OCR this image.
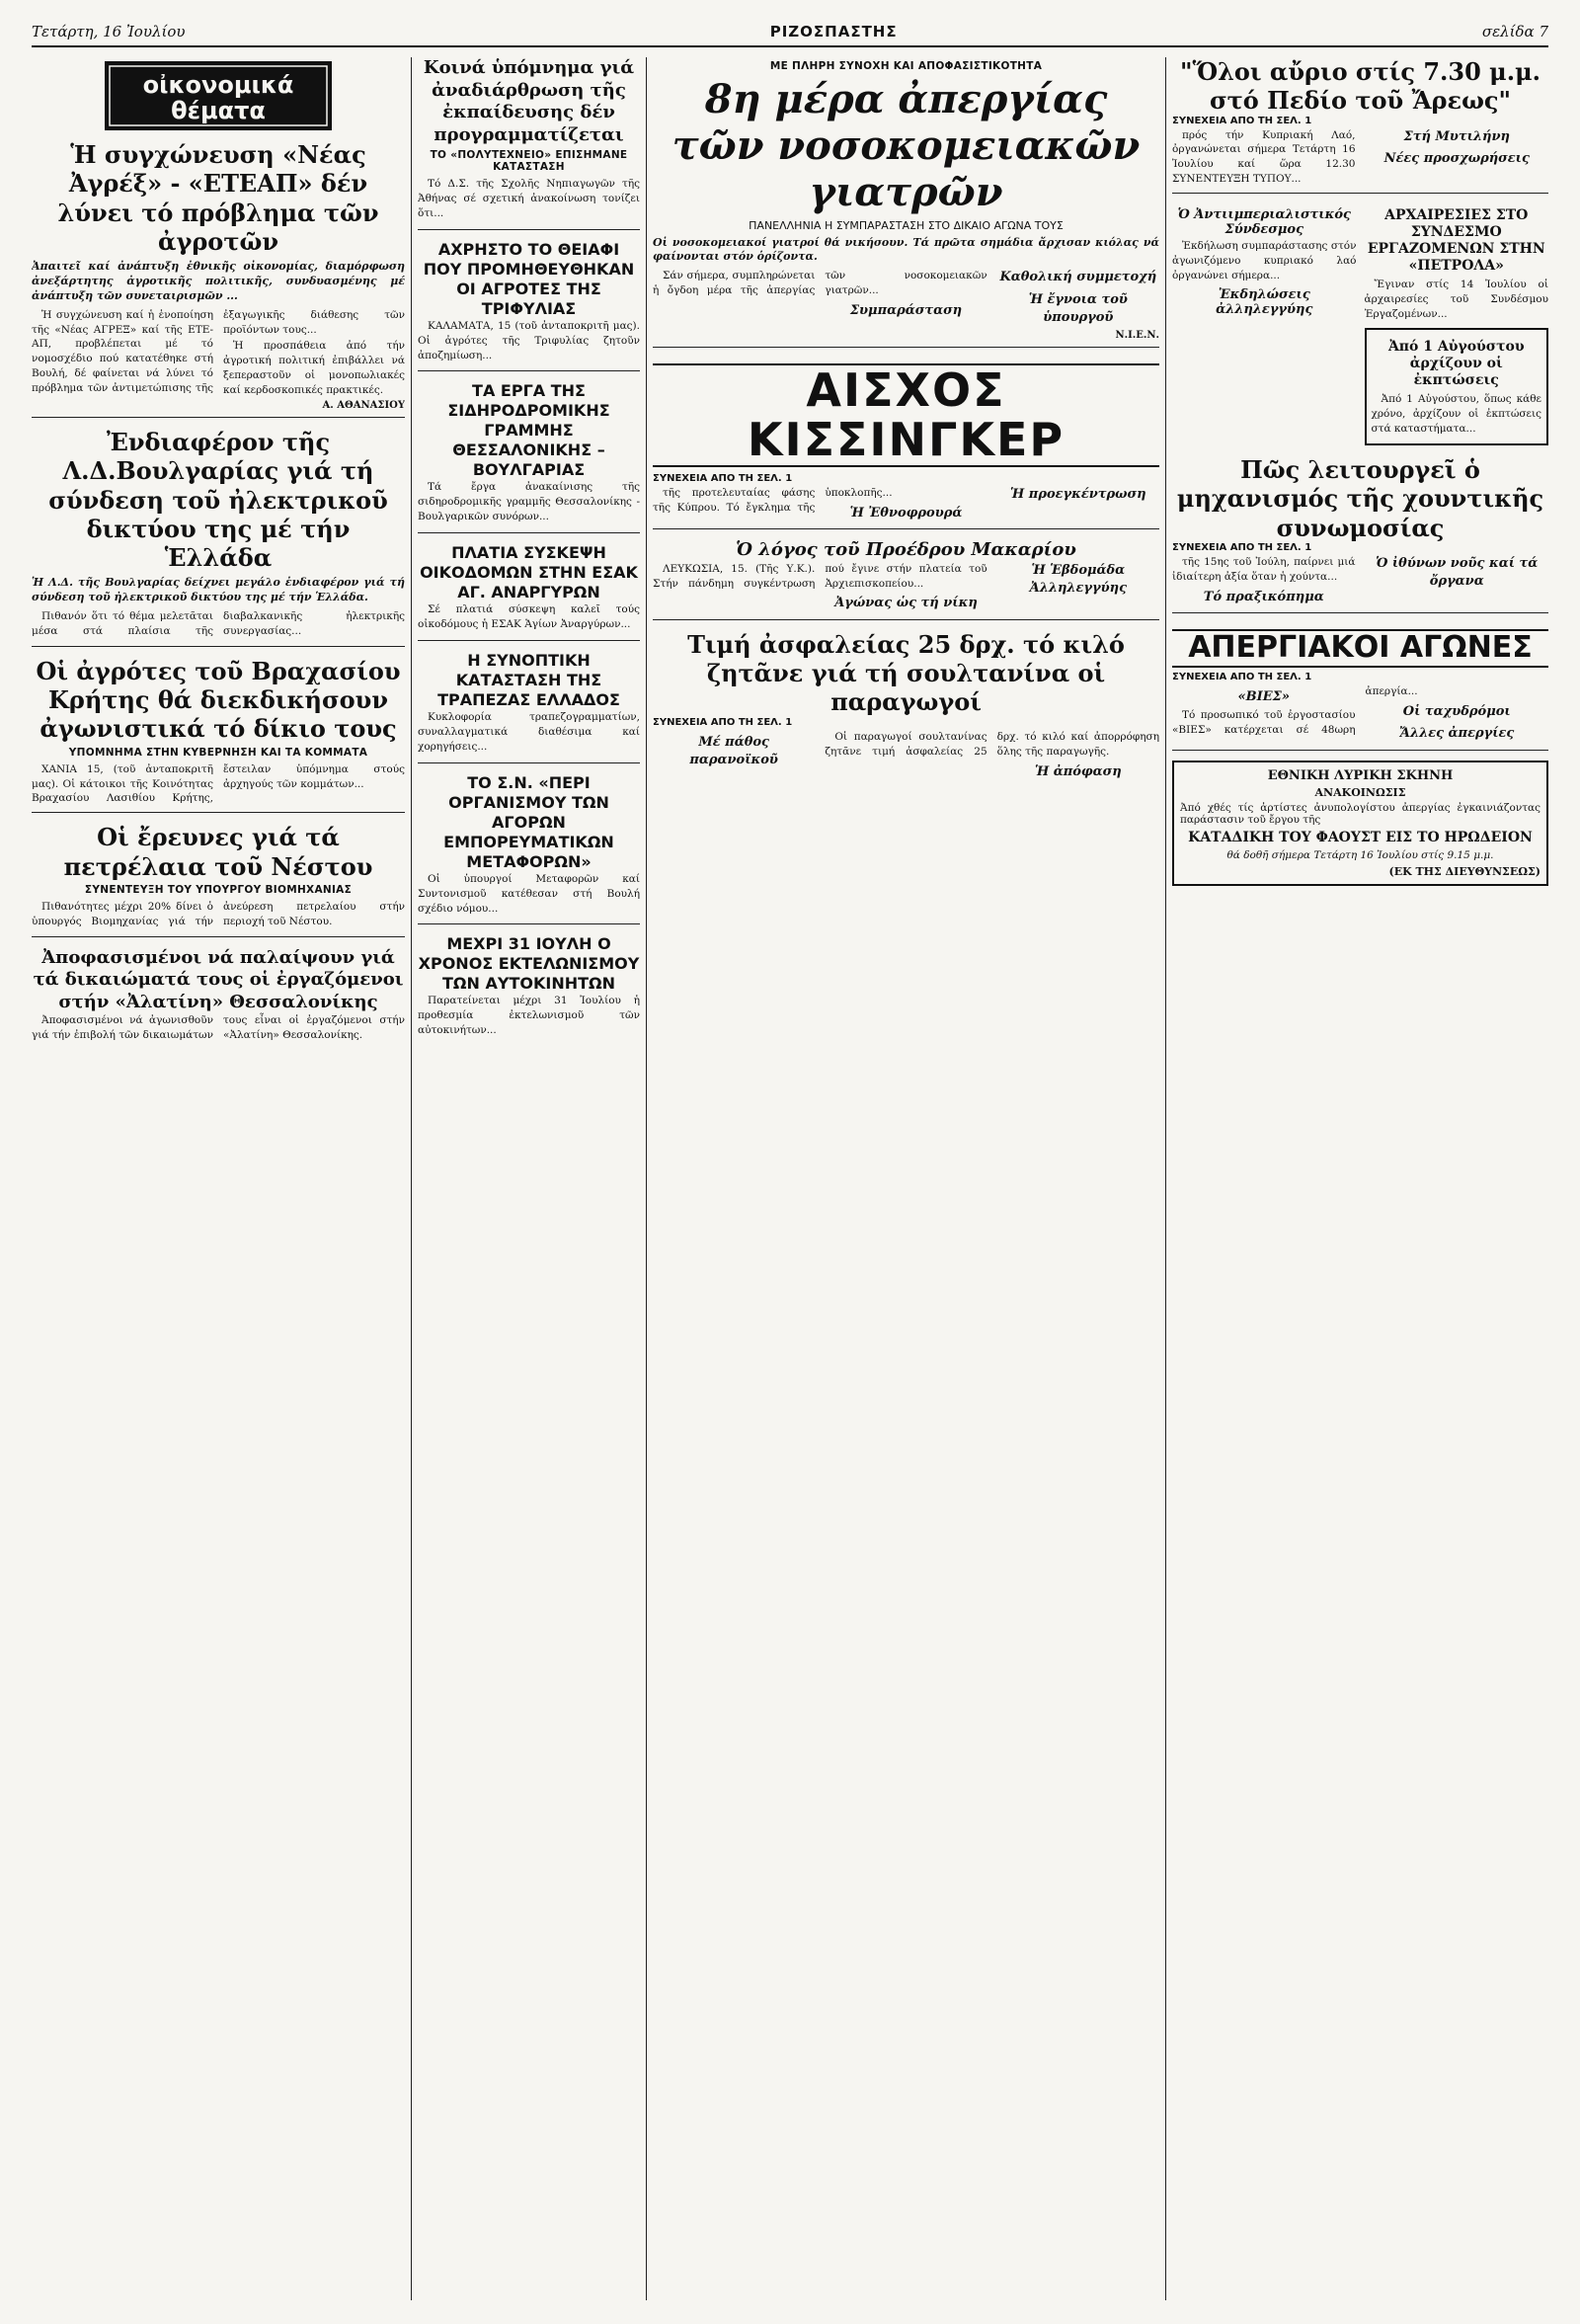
Τετάρτη, 16 Ἰουλίου	ΡΙΖΟΣΠΑΣΤΗΣ	σελίδα 7
οἰκονομικά
θέματα
Ἡ συγχώνευση «Νέας Ἀγρέξ» - «ΕΤΕΑΠ» δέν λύνει τό πρόβλημα τῶν ἀγροτῶν
Ἀπαιτεῖ καί ἀνάπτυξη ἐθνικῆς οἰκονομίας, διαμόρφωση ἀνεξάρτητης ἀγροτικῆς πολιτικῆς, συνδυασμένης μέ ἀνάπτυξη τῶν συνεταιρισμῶν ...

Ἡ συγχώνευση καί ἡ ἑνοποίηση τῆς «Νέας ΑΓΡΕΞ» καί τῆς ΕΤΕ-ΑΠ, προβλέπεται μέ τό νομοσχέδιο πού κατατέθηκε στή Βουλή, δέ φαίνεται νά λύνει τό πρόβλημα τῶν ἀντιμετώπισης τῆς ἐξαγωγικῆς διάθεσης τῶν προϊόντων τους...

Ἡ προσπάθεια ἀπό τήν ἀγροτική πολιτική ἐπιβάλλει νά ξεπεραστοῦν οἱ μονοπωλιακές καί κερδοσκοπικές πρακτικές.

Α. ΑΘΑΝΑΣΙΟΥ
Ἐνδιαφέρον τῆς Λ.Δ.Βουλγαρίας γιά τή σύνδεση τοῦ ἠλεκτρικοῦ δικτύου της μέ τήν Ἑλλάδα
Ἡ Λ.Δ. τῆς Βουλγαρίας δείχνει μεγάλο ἐνδιαφέρον γιά τή σύνδεση τοῦ ἠλεκτρικοῦ δικτύου της μέ τήν Ἑλλάδα.

Πιθανόν ὅτι τό θέμα μελετᾶται μέσα στά πλαίσια τῆς διαβαλκανικῆς ἠλεκτρικῆς συνεργασίας...

Οἱ ἀγρότες τοῦ Βραχασίου Κρήτης θά διεκδικήσουν ἀγωνιστικά τό δίκιο τους
ΥΠΟΜΝΗΜΑ ΣΤΗΝ ΚΥΒΕΡΝΗΣΗ ΚΑΙ ΤΑ ΚΟΜΜΑΤΑ

ΧΑΝΙΑ 15, (τοῦ ἀνταποκριτῆ μας). Οἱ κάτοικοι τῆς Κοινότητας Βραχασίου Λασιθίου Κρήτης, ἔστειλαν ὑπόμνημα στούς ἀρχηγούς τῶν κομμάτων...

Οἱ ἔρευνες γιά τά πετρέλαια τοῦ Νέστου
ΣΥΝΕΝΤΕΥΞΗ ΤΟΥ ΥΠΟΥΡΓΟΥ ΒΙΟΜΗΧΑΝΙΑΣ

Πιθανότητες μέχρι 20% δίνει ὁ ὑπουργός Βιομηχανίας γιά τήν ἀνεύρεση πετρελαίου στήν περιοχή τοῦ Νέστου.

Ἀποφασισμένοι νά παλαίψουν γιά τά δικαιώματά τους οἱ ἐργαζόμενοι στήν «Ἀλατίνη» Θεσσαλονίκης

Ἀποφασισμένοι νά ἀγωνισθοῦν γιά τήν ἐπιβολή τῶν δικαιωμάτων τους εἶναι οἱ ἐργαζόμενοι στήν «Ἀλατίνη» Θεσσαλονίκης.

Κοινά ὑπόμνημα γιά ἀναδιάρθρωση τῆς ἐκπαίδευσης δέν προγραμματίζεται
ΤΟ «ΠΟΛΥΤΕΧΝΕΙΟ» ΕΠΙΣΗΜΑΝΕ ΚΑΤΑΣΤΑΣΗ

Τό Δ.Σ. τῆς Σχολῆς Νηπιαγωγῶν τῆς Ἀθήνας σέ σχετική ἀνακοίνωση τονίζει ὅτι...

ΑΧΡΗΣΤΟ ΤΟ ΘΕΙΑΦΙ ΠΟΥ ΠΡΟΜΗΘΕΥΘΗΚΑΝ ΟΙ ΑΓΡΟΤΕΣ ΤΗΣ ΤΡΙΦΥΛΙΑΣ

ΚΑΛΑΜΑΤΑ, 15 (τοῦ ἀνταποκριτῆ μας). Οἱ ἀγρότες τῆς Τριφυλίας ζητοῦν ἀποζημίωση...

ΤΑ ΕΡΓΑ ΤΗΣ ΣΙΔΗΡΟΔΡΟΜΙΚΗΣ ΓΡΑΜΜΗΣ ΘΕΣΣΑΛΟΝΙΚΗΣ – ΒΟΥΛΓΑΡΙΑΣ

Τά ἔργα ἀνακαίνισης τῆς σιδηροδρομικῆς γραμμῆς Θεσσαλονίκης - Βουλγαρικῶν συνόρων...

ΠΛΑΤΙΑ ΣΥΣΚΕΨΗ ΟΙΚΟΔΟΜΩΝ ΣΤΗΝ ΕΣΑΚ ΑΓ. ΑΝΑΡΓΥΡΩΝ

Σέ πλατιά σύσκεψη καλεῖ τούς οἰκοδόμους ἡ ΕΣΑΚ Ἁγίων Ἀναργύρων...

Η ΣΥΝΟΠΤΙΚΗ ΚΑΤΑΣΤΑΣΗ ΤΗΣ ΤΡΑΠΕΖΑΣ ΕΛΛΑΔΟΣ

Κυκλοφορία τραπεζογραμματίων, συναλλαγματικά διαθέσιμα καί χορηγήσεις...

ΤΟ Σ.Ν. «ΠΕΡΙ ΟΡΓΑΝΙΣΜΟΥ ΤΩΝ ΑΓΟΡΩΝ ΕΜΠΟΡΕΥΜΑΤΙΚΩΝ ΜΕΤΑΦΟΡΩΝ»

Οἱ ὑπουργοί Μεταφορῶν καί Συντονισμοῦ κατέθεσαν στή Βουλή σχέδιο νόμου...

ΜΕΧΡΙ 31 ΙΟΥΛΗ Ο ΧΡΟΝΟΣ ΕΚΤΕΛΩΝΙΣΜΟΥ ΤΩΝ ΑΥΤΟΚΙΝΗΤΩΝ

Παρατείνεται μέχρι 31 Ἰουλίου ἡ προθεσμία ἐκτελωνισμοῦ τῶν αὐτοκινήτων...

ΜΕ ΠΛΗΡΗ ΣΥΝΟΧΗ ΚΑΙ ΑΠΟΦΑΣΙΣΤΙΚΟΤΗΤΑ
8η μέρα ἀπεργίας τῶν νοσοκομειακῶν γιατρῶν
ΠΑΝΕΛΛΗΝΙΑ Η ΣΥΜΠΑΡΑΣΤΑΣΗ ΣΤΟ ΔΙΚΑΙΟ ΑΓΩΝΑ ΤΟΥΣ
Οἱ νοσοκομειακοί γιατροί θά νικήσουν. Τά πρῶτα σημάδια ἄρχισαν κιόλας νά φαίνονται στόν ὁρίζοντα.

Σάν σήμερα, συμπληρώνεται ἡ ὄγδοη μέρα τῆς ἀπεργίας τῶν νοσοκομειακῶν γιατρῶν...

Συμπαράσταση
Καθολική συμμετοχή
Ἡ ἔγνοια τοῦ ὑπουργοῦ
Ν.Ι.Ε.Ν.
ΑΙΣΧΟΣ ΚΙΣΣΙΝΓΚΕΡ
ΣΥΝΕΧΕΙΑ ΑΠΟ ΤΗ ΣΕΛ. 1

τῆς προτελευταίας φάσης τῆς Κύπρου. Τό ἔγκλημα τῆς ὑποκλοπῆς...

Ἡ Ἐθνοφρουρά
Ἡ προεγκέντρωση
Ὁ λόγος τοῦ Προέδρου Μακαρίου

ΛΕΥΚΩΣΙΑ, 15. (Τῆς Υ.Κ.). Στήν πάνδημη συγκέντρωση πού ἔγινε στήν πλατεία τοῦ Ἀρχιεπισκοπείου...

Ἀγώνας ὡς τή νίκη
Ἡ Ἑβδομάδα Ἀλληλεγγύης
Τιμή ἀσφαλείας 25 δρχ. τό κιλό ζητᾶνε γιά τή σουλτανίνα οἱ παραγωγοί
ΣΥΝΕΧΕΙΑ ΑΠΟ ΤΗ ΣΕΛ. 1
Μέ πάθος παρανοϊκοῦ

Οἱ παραγωγοί σουλτανίνας ζητᾶνε τιμή ἀσφαλείας 25 δρχ. τό κιλό καί ἀπορρόφηση ὅλης τῆς παραγωγῆς.

Ἡ ἀπόφαση
"Ὅλοι αὔριο στίς 7.30 μ.μ. στό Πεδίο τοῦ Ἄρεως"
ΣΥΝΕΧΕΙΑ ΑΠΟ ΤΗ ΣΕΛ. 1

πρός τήν Κυπριακή Λαό, ὀργανώνεται σήμερα Τετάρτη 16 Ἰουλίου καί ὥρα 12.30 ΣΥΝΕΝΤΕΥΞΗ ΤΥΠΟΥ...

Στή Μυτιλήνη
Νέες προσχωρήσεις
Ὁ Ἀντιιμπεριαλιστικός Σύνδεσμος

Ἐκδήλωση συμπαράστασης στόν ἀγωνιζόμενο κυπριακό λαό ὀργανώνει σήμερα...

Ἐκδηλώσεις ἀλληλεγγύης
ΑΡΧΑΙΡΕΣΙΕΣ ΣΤΟ ΣΥΝΔΕΣΜΟ ΕΡΓΑΖΟΜΕΝΩΝ ΣΤΗΝ «ΠΕΤΡΟΛΑ»

Ἔγιναν στίς 14 Ἰουλίου οἱ ἀρχαιρεσίες τοῦ Συνδέσμου Ἐργαζομένων...

Ἀπό 1 Αὐγούστου ἀρχίζουν οἱ ἐκπτώσεις

Ἀπό 1 Αὐγούστου, ὅπως κάθε χρόνο, ἀρχίζουν οἱ ἐκπτώσεις στά καταστήματα...

Πῶς λειτουργεῖ ὁ μηχανισμός τῆς χουντικῆς συνωμοσίας
ΣΥΝΕΧΕΙΑ ΑΠΟ ΤΗ ΣΕΛ. 1

τῆς 15ης τοῦ Ἰούλη, παίρνει μιά ἰδιαίτερη ἀξία ὅταν ἡ χούντα...

Τό πραξικόπημα
Ὁ ἰθύνων νοῦς καί τά ὄργανα
ΑΠΕΡΓΙΑΚΟΙ ΑΓΩΝΕΣ
ΣΥΝΕΧΕΙΑ ΑΠΟ ΤΗ ΣΕΛ. 1
«ΒΙΕΣ»

Τό προσωπικό τοῦ ἐργοστασίου «ΒΙΕΣ» κατέρχεται σέ 48ωρη ἀπεργία...

Οἱ ταχυδρόμοι
Ἄλλες ἀπεργίες
ΕΘΝΙΚΗ ΛΥΡΙΚΗ ΣΚΗΝΗ
ΑΝΑΚΟΙΝΩΣΙΣ
Ἀπό χθές τίς ἀρτίστες ἀνυπολογίστου ἀπεργίας ἐγκαινιάζοντας παράστασιν τοῦ ἔργου τῆς
ΚΑΤΑΔΙΚΗ ΤΟΥ ΦΑΟΥΣΤ ΕΙΣ ΤΟ ΗΡΩΔΕΙΟΝ
θά δοθῆ σήμερα Τετάρτη 16 Ἰουλίου στίς 9.15 μ.μ.
(ΕΚ ΤΗΣ ΔΙΕΥΘΥΝΣΕΩΣ)
